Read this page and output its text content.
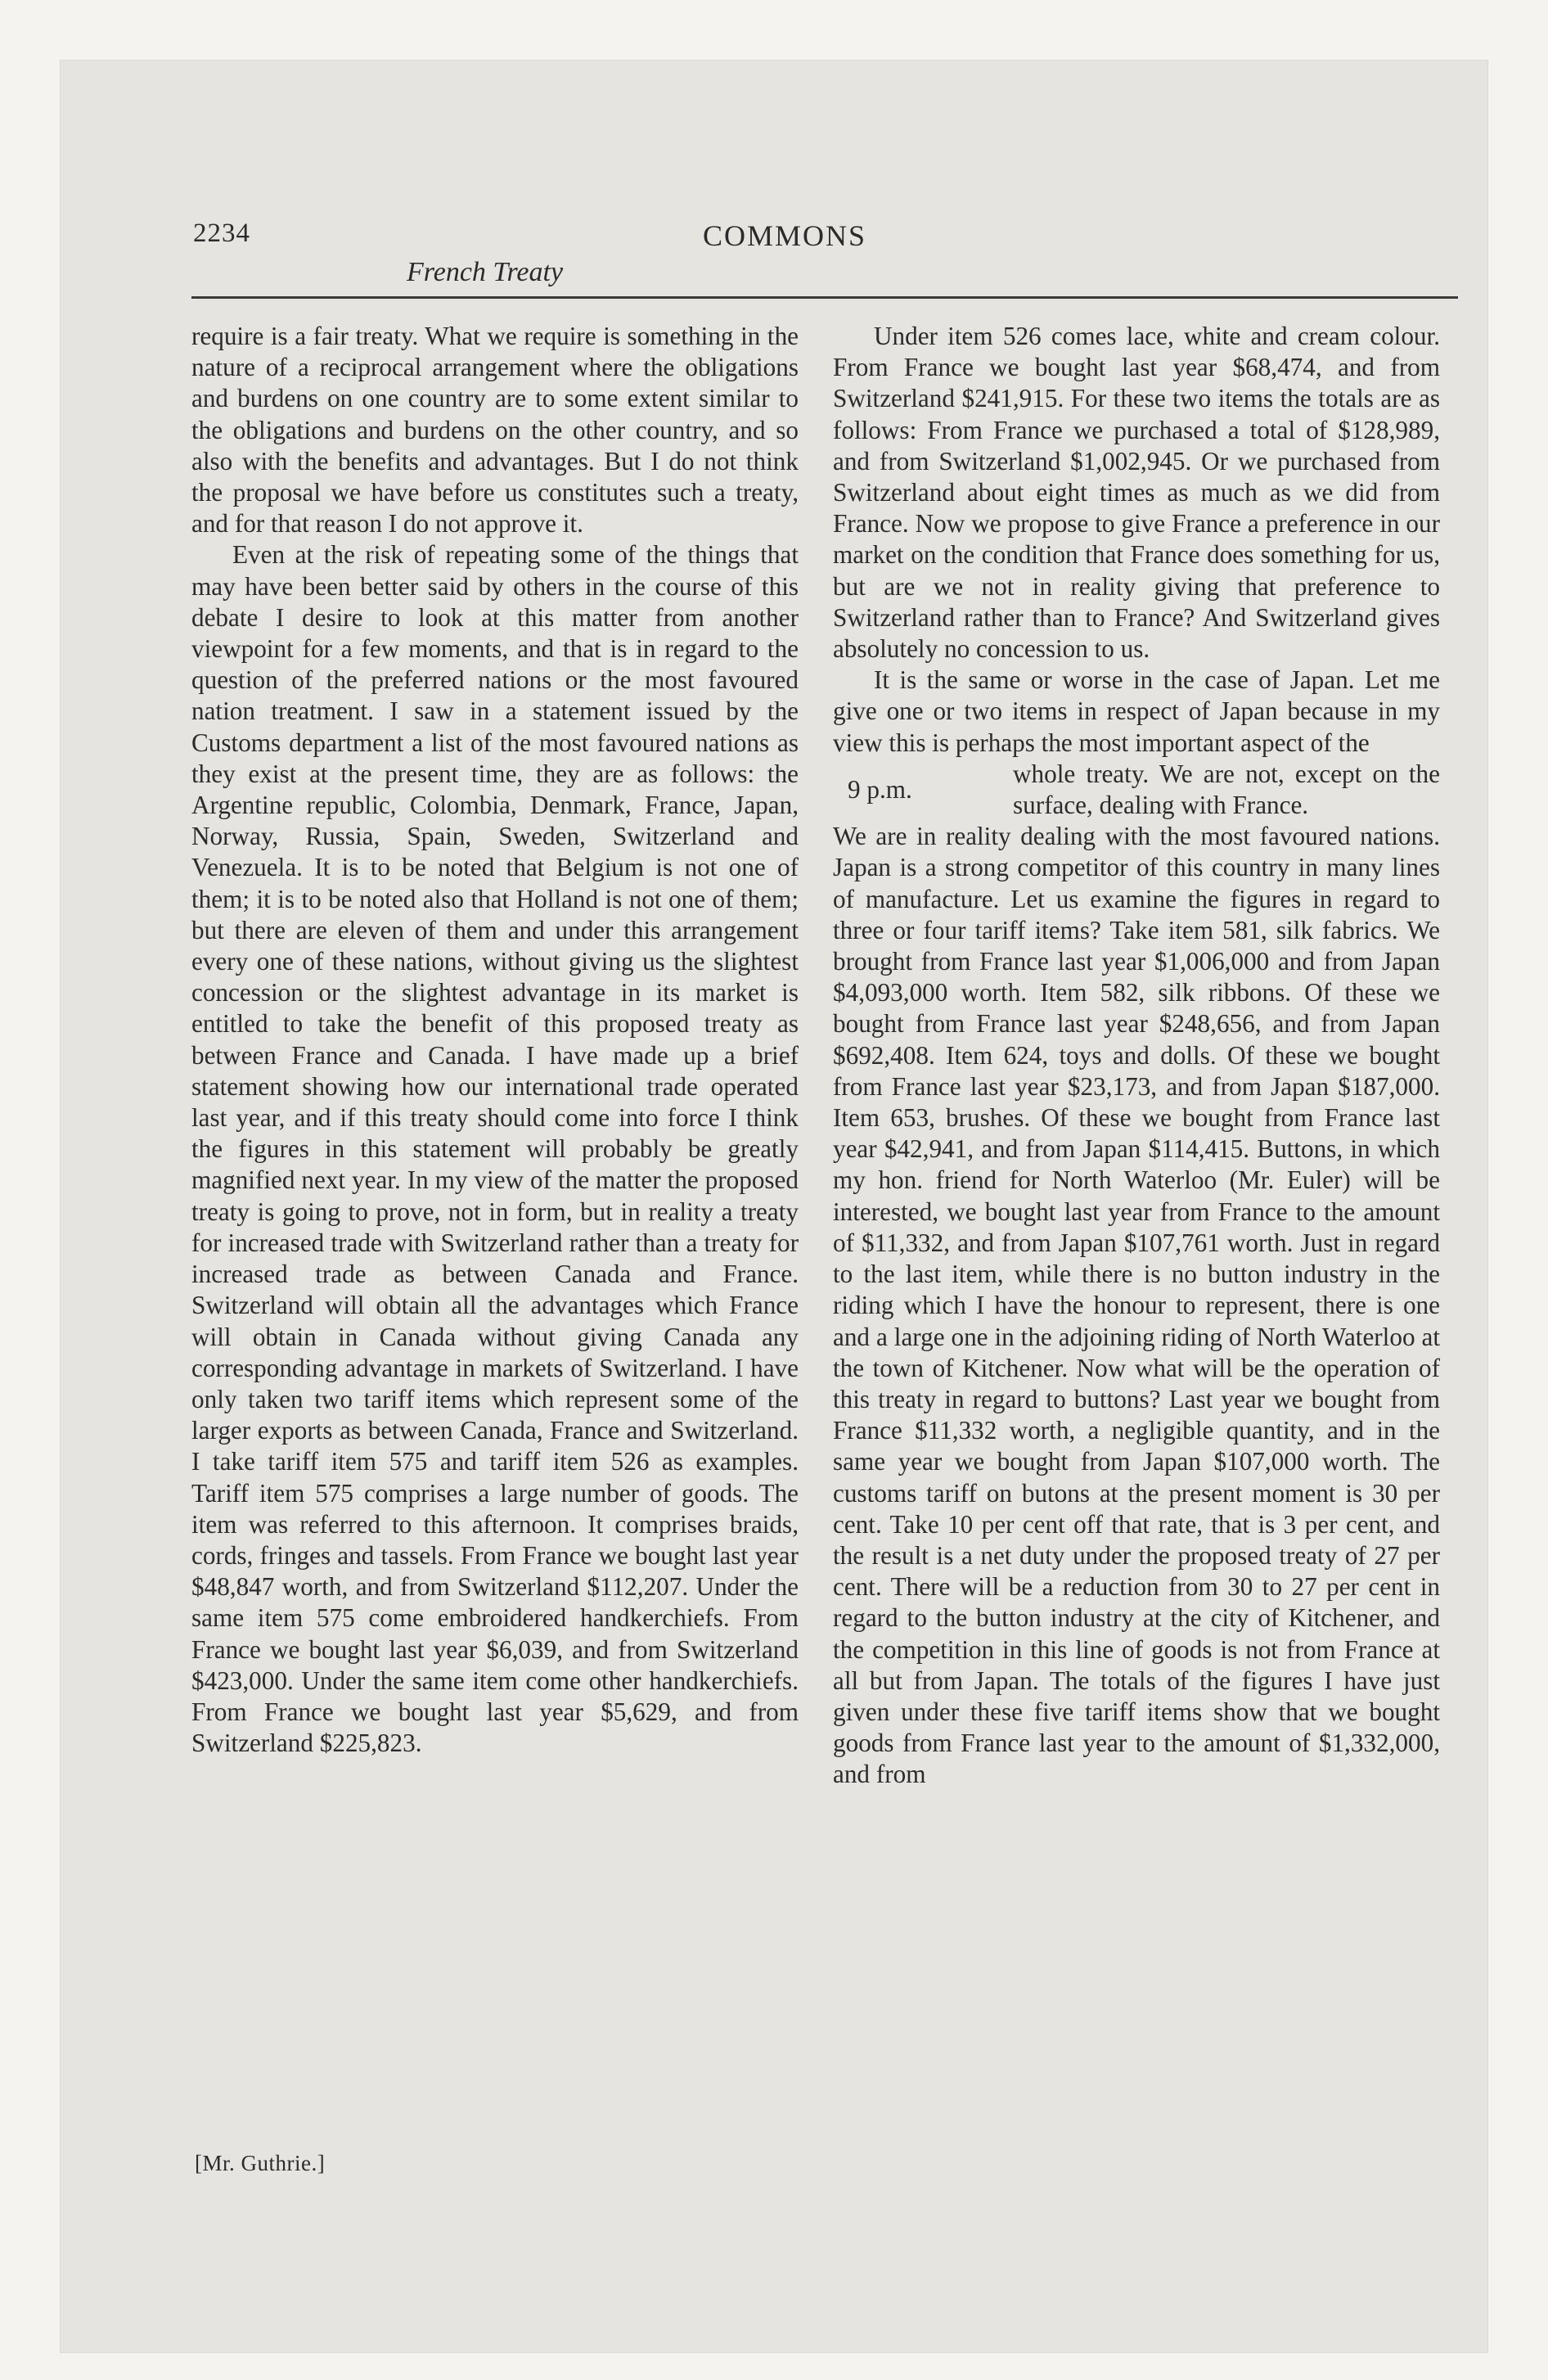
2234	COMMONS
French Treaty

require is a fair treaty. What we require is something in the nature of a reciprocal arrangement where the obligations and burdens on one country are to some extent similar to the obligations and burdens on the other country, and so also with the benefits and advantages. But I do not think the proposal we have before us constitutes such a treaty, and for that reason I do not approve it.

Even at the risk of repeating some of the things that may have been better said by others in the course of this debate I desire to look at this matter from another viewpoint for a few moments, and that is in regard to the question of the preferred nations or the most favoured nation treatment. I saw in a statement issued by the Customs department a list of the most favoured nations as they exist at the present time, they are as follows: the Argentine republic, Colombia, Denmark, France, Japan, Norway, Russia, Spain, Sweden, Switzerland and Venezuela. It is to be noted that Belgium is not one of them; it is to be noted also that Holland is not one of them; but there are eleven of them and under this arrangement every one of these nations, without giving us the slightest concession or the slightest advantage in its market is entitled to take the benefit of this proposed treaty as between France and Canada. I have made up a brief statement showing how our international trade operated last year, and if this treaty should come into force I think the figures in this statement will probably be greatly magnified next year. In my view of the matter the proposed treaty is going to prove, not in form, but in reality a treaty for increased trade with Switzerland rather than a treaty for increased trade as between Canada and France. Switzerland will obtain all the advantages which France will obtain in Canada without giving Canada any corresponding advantage in markets of Switzerland. I have only taken two tariff items which represent some of the larger exports as between Canada, France and Switzerland. I take tariff item 575 and tariff item 526 as examples. Tariff item 575 comprises a large number of goods. The item was referred to this afternoon. It comprises braids, cords, fringes and tassels. From France we bought last year $48,847 worth, and from Switzerland $112,207. Under the same item 575 come embroidered handkerchiefs. From France we bought last year $6,039, and from Switzerland $423,000. Under the same item come other handkerchiefs. From France we bought last year $5,629, and from Switzerland $225,823.

[Mr. Guthrie.]

Under item 526 comes lace, white and cream colour. From France we bought last year $68,474, and from Switzerland $241,915. For these two items the totals are as follows: From France we purchased a total of $128,989, and from Switzerland $1,002,945. Or we purchased from Switzerland about eight times as much as we did from France. Now we propose to give France a preference in our market on the condition that France does something for us, but are we not in reality giving that preference to Switzerland rather than to France? And Switzerland gives absolutely no concession to us.

It is the same or worse in the case of Japan. Let me give one or two items in respect of Japan because in my view this is perhaps the most important aspect of the

9 p.m.
whole treaty. We are not, except on the surface, dealing with France.

We are in reality dealing with the most favoured nations. Japan is a strong competitor of this country in many lines of manufacture. Let us examine the figures in regard to three or four tariff items? Take item 581, silk fabrics. We brought from France last year $1,006,000 and from Japan $4,093,000 worth. Item 582, silk ribbons. Of these we bought from France last year $248,656, and from Japan $692,408. Item 624, toys and dolls. Of these we bought from France last year $23,173, and from Japan $187,000. Item 653, brushes. Of these we bought from France last year $42,941, and from Japan $114,415. Buttons, in which my hon. friend for North Waterloo (Mr. Euler) will be interested, we bought last year from France to the amount of $11,332, and from Japan $107,761 worth. Just in regard to the last item, while there is no button industry in the riding which I have the honour to represent, there is one and a large one in the adjoining riding of North Waterloo at the town of Kitchener. Now what will be the operation of this treaty in regard to buttons? Last year we bought from France $11,332 worth, a negligible quantity, and in the same year we bought from Japan $107,000 worth. The customs tariff on butons at the present moment is 30 per cent. Take 10 per cent off that rate, that is 3 per cent, and the result is a net duty under the proposed treaty of 27 per cent. There will be a reduction from 30 to 27 per cent in regard to the button industry at the city of Kitchener, and the competition in this line of goods is not from France at all but from Japan. The totals of the figures I have just given under these five tariff items show that we bought goods from France last year to the amount of $1,332,000, and from
